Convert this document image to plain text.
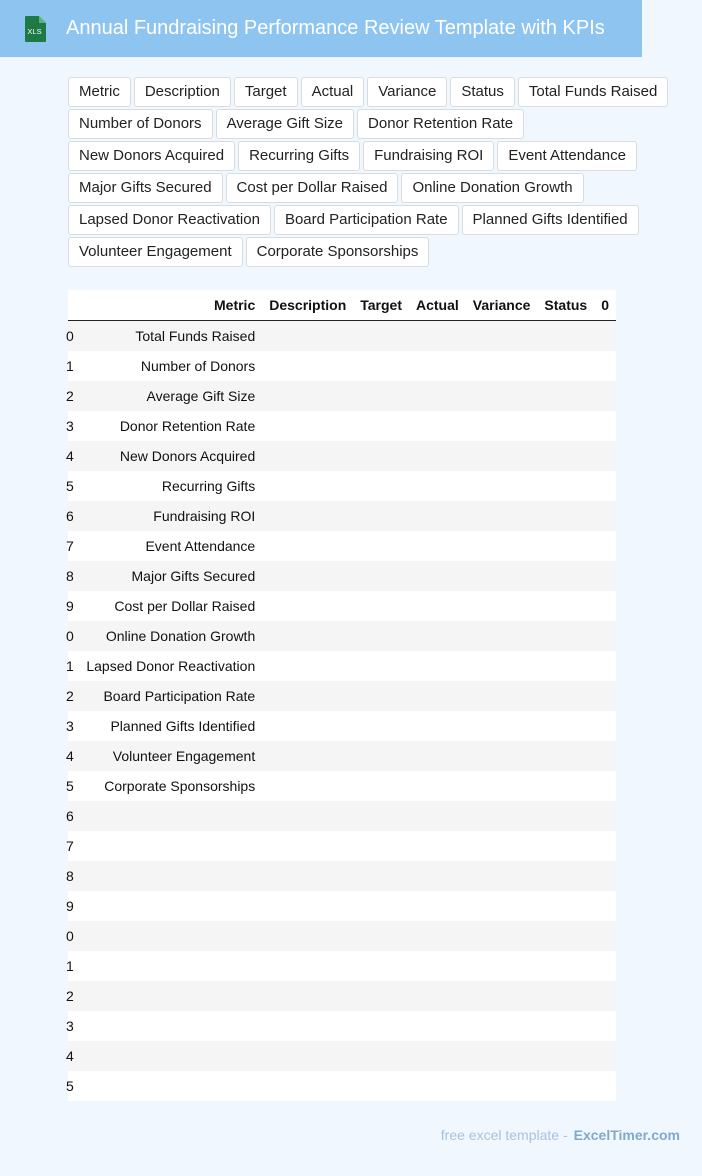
XLS Annual Fundraising Performance Review Template with KPIs
Metric	Description	Target	Actual	Variance	Status	Total Funds Raised
Number of Donors	Average Gift Size	Donor Retention Rate
New Donors Acquired	Recurring Gifts	Fundraising ROI	Event Attendance
Major Gifts Secured	Cost per Dollar Raised	Online Donation Growth
Lapsed Donor Reactivation	Board Participation Rate	Planned Gifts Identified
Volunteer Engagement	Corporate Sponsorships
	Metric	Description	Target	Actual	Variance	Status	0

0	Total Funds Raised						

1	Number of Donors						

2	Average Gift Size						

3	Donor Retention Rate						

4	New Donors Acquired						

5	Recurring Gifts						

6	Fundraising ROI						

7	Event Attendance						

8	Major Gifts Secured						

9	Cost per Dollar Raised						

0	Online Donation Growth						

1	Lapsed Donor Reactivation						

2	Board Participation Rate						

3	Planned Gifts Identified						

4	Volunteer Engagement						

5	Corporate Sponsorships						

6							

7							

8							

9							

0							

1							

2							

3							

4							

5							

free excel template - ExcelTimer.com
